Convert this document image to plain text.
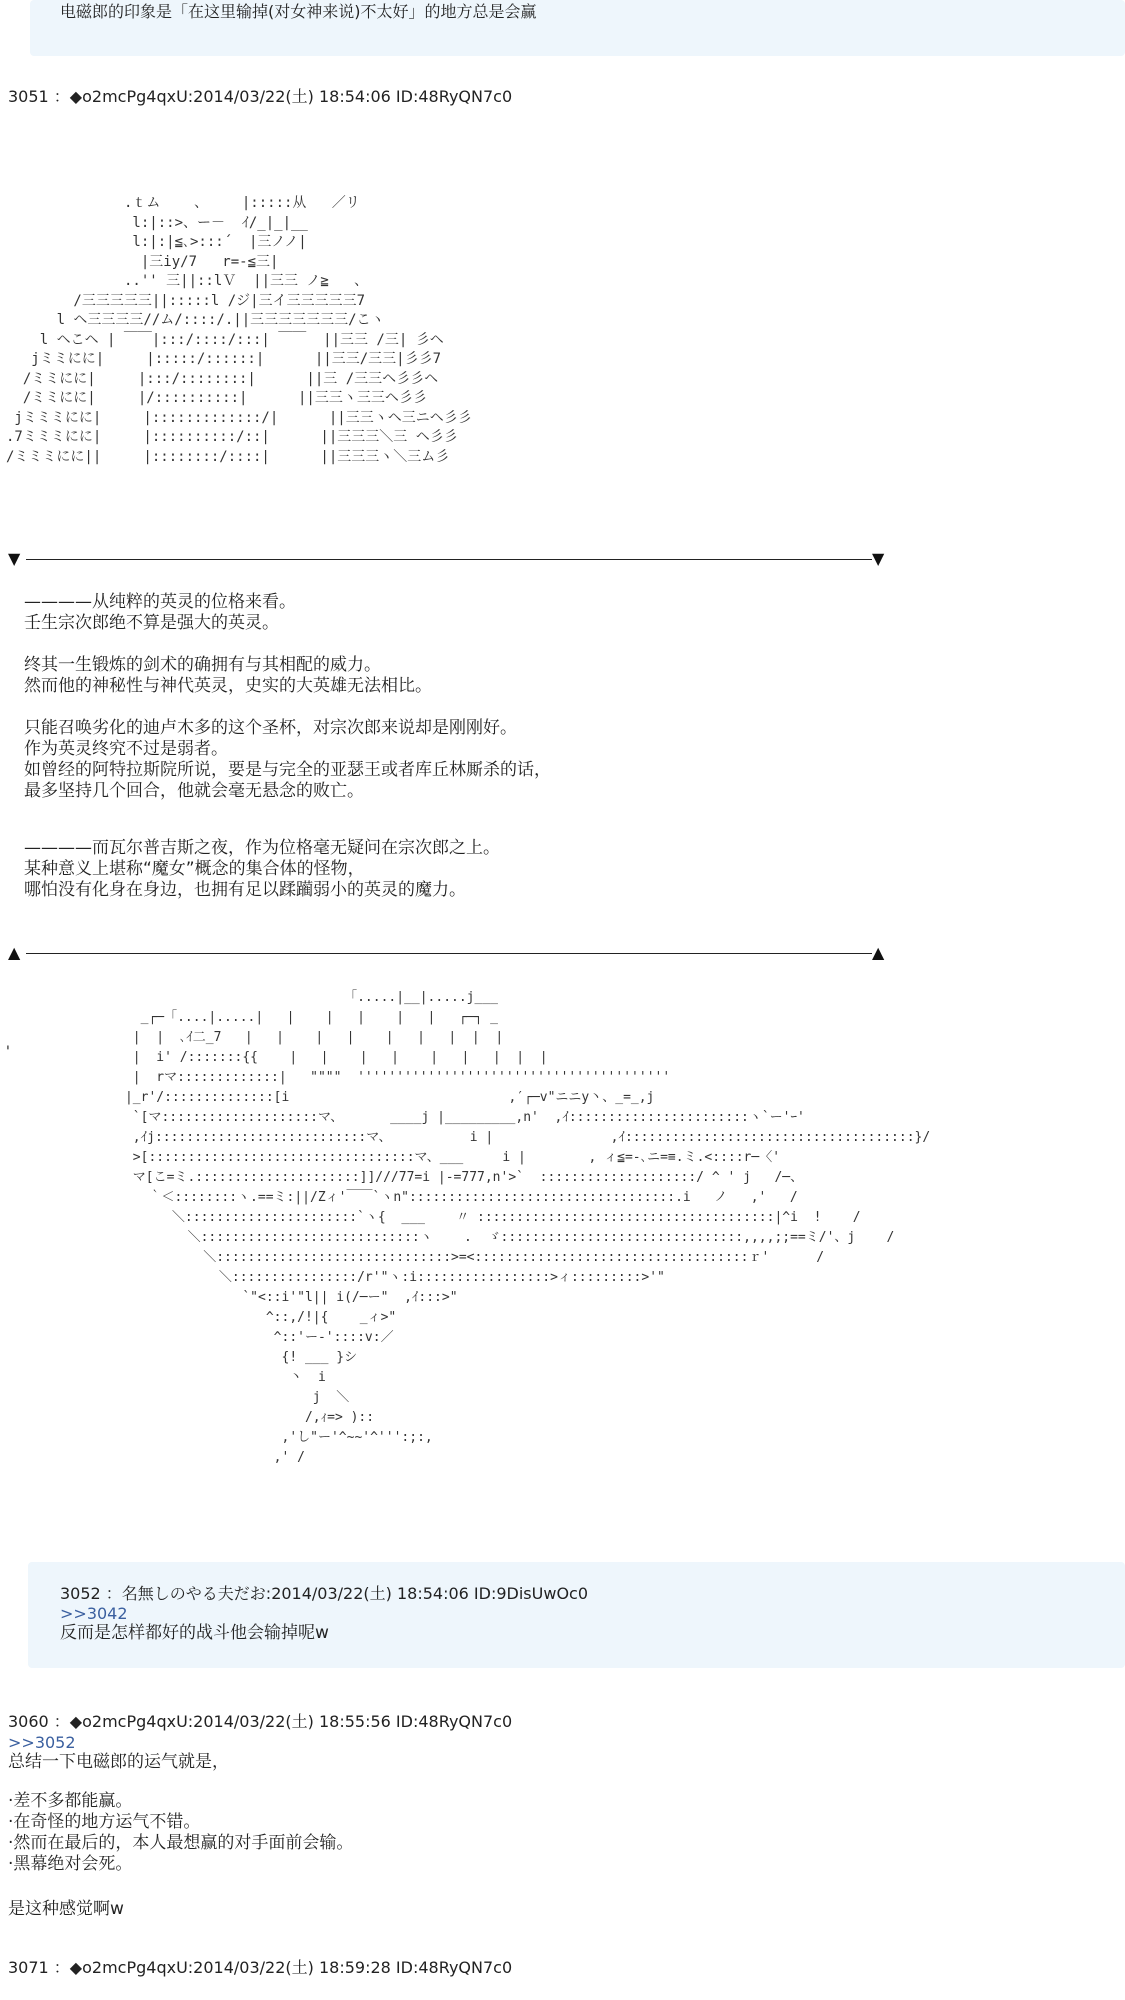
电磁郎的印象是「在这里输掉(对女神来说)不太好」的地方总是会赢
3051 ：◆o2mcPg4qxU:2014/03/22(土) 18:54:06 ID:48RyQN7c0
.ｔム    、    |:::::从   ／リ
l:|::>、ー－  ｲ/_|_|__
l:|:|≦､>:::´  |三ノノ|
|三iy/7   r=-≦三|
..'' 三||::lＶ  ||三三 ノ≧   、
/三三三三三||:::::l /ジ|三イ三三三三三7
l ヘ三三三三//ム/::::/.||三三三三三三三/こヽ
l ヘこヘ | ￣￣|:::/::::/:::| ￣￣  ||三三 /三| 彡ヘ
jミミにに|     |:::::/::::::|      ||三三/三三|彡彡7
/ミミにに|     |:::/::::::::|      ||三 /三三ヘ彡彡ヘ
/ミミにに|     |/::::::::::|      ||三三ヽ三三ヘ彡彡
jミミミにに|     |:::::::::::::/|      ||三三ヽヘ三ニヘ彡彡
.7ミミミにに|     |::::::::::/::|      ||三三三＼三 ヘ彡彡
/ミミミにに||     |::::::::/::::|      ||三三三ヽ＼三ム彡
▼	▼

————从纯粹的英灵的位格来看。

壬生宗次郎绝不算是强大的英灵。

终其一生锻炼的剑术的确拥有与其相配的威力。

然而他的神秘性与神代英灵，史实的大英雄无法相比。

只能召唤劣化的迪卢木多的这个圣杯，对宗次郎来说却是刚刚好。

作为英灵终究不过是弱者。

如曾经的阿特拉斯院所说，要是与完全的亚瑟王或者库丘林厮杀的话，

最多坚持几个回合，他就会毫无悬念的败亡。

————而瓦尔普吉斯之夜，作为位格毫无疑问在宗次郎之上。

某种意义上堪称“魔女”概念的集合体的怪物，

哪怕没有化身在身边，也拥有足以蹂躏弱小的英灵的魔力。

▲	▲
'
「.....|__|.....j___
_┌─「....|.....|   |    |   |    |   |   ┌─┐ _
|  |  ､ｲ二_7   |   |    |   |    |   |   |  |  |
|  i' /:::::::{{    |   |    |   |    |   |   |  |  |
|  rマ:::::::::::::|   """"  ''''''''''''''''''''''''''''''''''''''''
|_r'/::::::::::::::[i                            ,′┌─v"ニニy丶、_=_,j
`[マ::::::::::::::::::::マ、      ____j |_________,n'  ,ｲ:::::::::::::::::::::::ヽ`ー'ｰ'
,ｲj:::::::::::::::::::::::::::マ、          i |               ,ｲ:::::::::::::::::::::::::::::::::::::}/
>[::::::::::::::::::::::::::::::::::マ、___     i |        , ィ≦=-､ニ=≡.ミ.<::::r─〈'
マ[こ=ミ.:::::::::::::::::::::]]///77=i |-=777,n'>`  ::::::::::::::::::::/ ^ ' j   /─、
｀＜::::::::ヽ.==ミ:||/Zィ'￣￣`ヽn"::::::::::::::::::::::::::::::::::.i   ノ   ,'   /
＼::::::::::::::::::::::`ヽ{  ___    〃 ::::::::::::::::::::::::::::::::::::::|^i  !    /
＼::::::::::::::::::::::::::::ヽ    .  ゞ:::::::::::::::::::::::::::::::,,,,;;==ミ/'、j    /
＼::::::::::::::::::::::::::::::>=<:::::::::::::::::::::::::::::::::::ｒ'      /
＼::::::::::::::::/r'"ヽ:i:::::::::::::::::>ィ:::::::::>'"
`"<::i'"l|| i(/─ー"  ,ｲ:::>"
^::,/!|{    _ィ>"
^::'ー-'::::v:／
{! ___ }シ
丶  i
j  ＼
/,ｨ=> )::
,'し"ー'^~~'^''':;:,
,' /
3052 ：名無しのやる夫だお:2014/03/22(土) 18:54:06 ID:9DisUwOc0
>>3042
反而是怎样都好的战斗他会输掉呢w
3060 ：◆o2mcPg4qxU:2014/03/22(土) 18:55:56 ID:48RyQN7c0
>>3052

总结一下电磁郎的运气就是，

·差不多都能赢。

·在奇怪的地方运气不错。

·然而在最后的，本人最想赢的对手面前会输。

·黑幕绝对会死。

是这种感觉啊w

3071 ：◆o2mcPg4qxU:2014/03/22(土) 18:59:28 ID:48RyQN7c0
